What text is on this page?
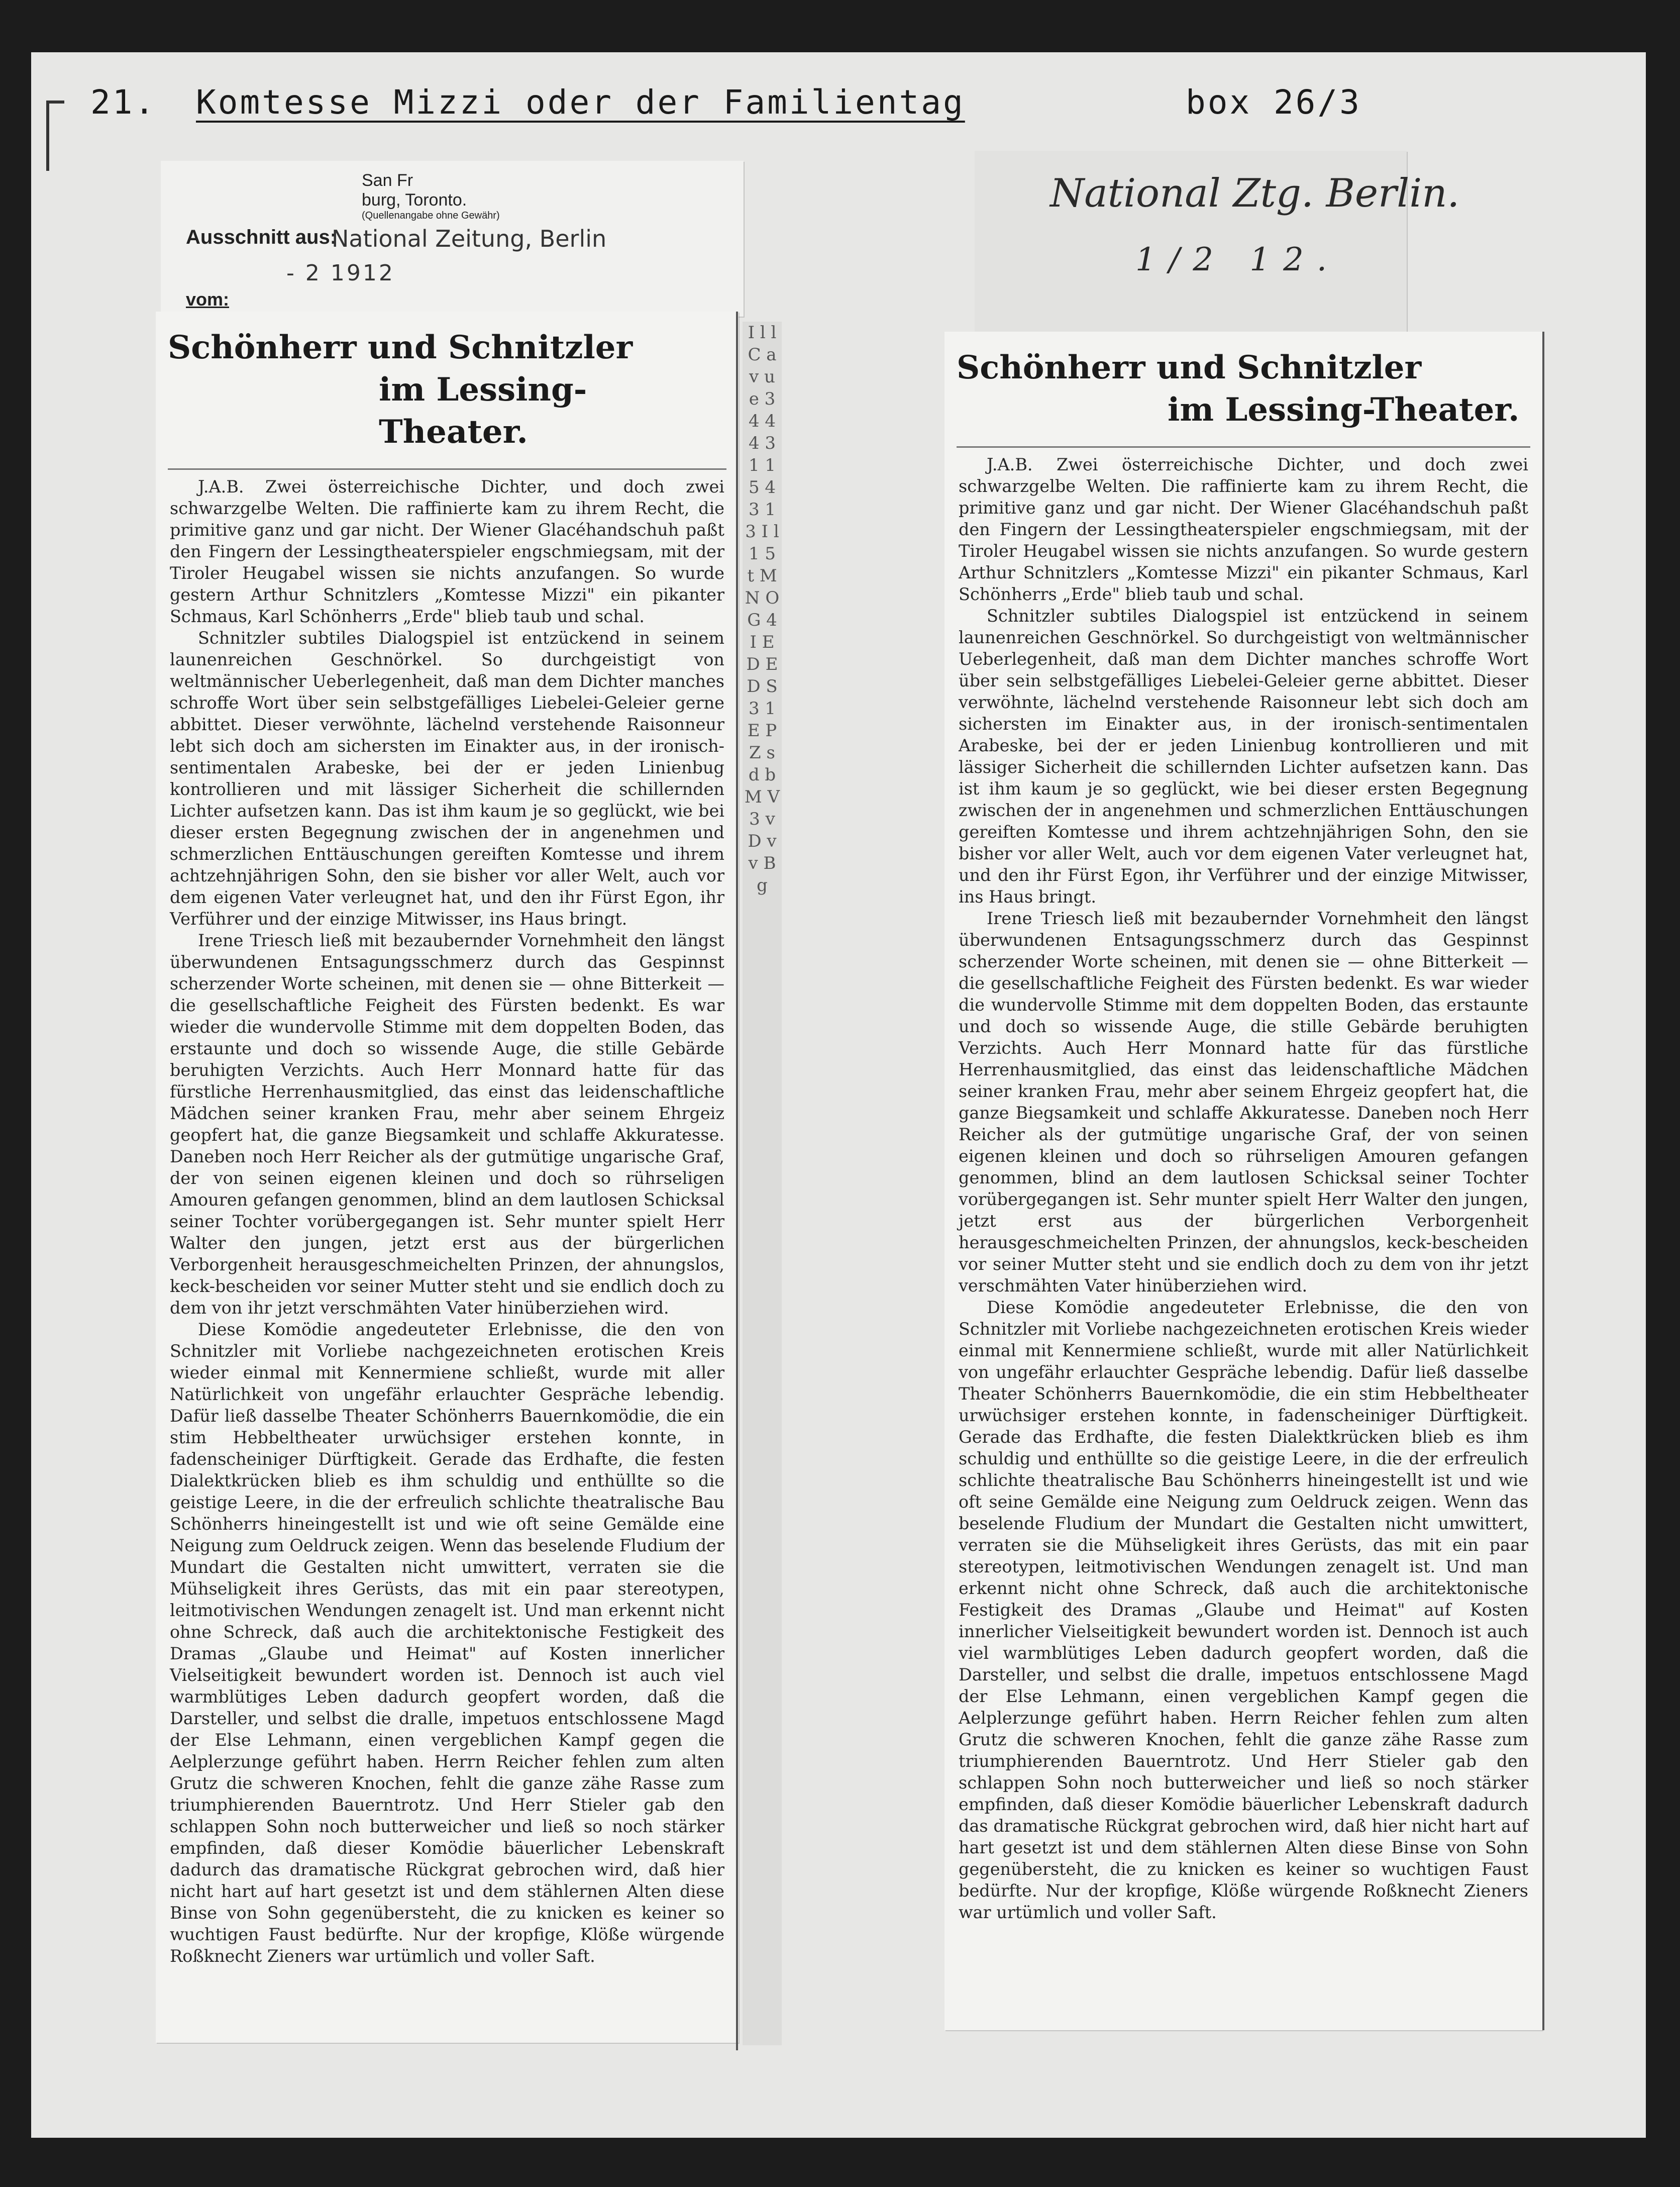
21. Komtesse Mizzi oder der Familientag	box 26/3
San Fr
burg, Toronto.
(Quellenangabe ohne Gewähr)
Ausschnitt aus:
National Zeitung, Berlin
- 2 1912
vom:
National Ztg. Berlin.
1/2 12.
Schönherr und Schnitzler
im Lessing-Theater.

J.A.B. Zwei österreichische Dichter, und doch zwei schwarzgelbe Welten. Die raffinierte kam zu ihrem Recht, die primitive ganz und gar nicht. Der Wiener Glacéhandschuh paßt den Fingern der Lessingtheaterspieler engschmiegsam, mit der Tiroler Heugabel wissen sie nichts anzufangen. So wurde gestern Arthur Schnitzlers „Komtesse Mizzi" ein pikanter Schmaus, Karl Schönherrs „Erde" blieb taub und schal.

Schnitzler subtiles Dialogspiel ist entzückend in seinem launenreichen Geschnörkel. So durchgeistigt von weltmännischer Ueberlegenheit, daß man dem Dichter manches schroffe Wort über sein selbstgefälliges Liebelei-Geleier gerne abbittet. Dieser verwöhnte, lächelnd verstehende Raisonneur lebt sich doch am sichersten im Einakter aus, in der ironisch-sentimentalen Arabeske, bei der er jeden Linienbug kontrollieren und mit lässiger Sicherheit die schillernden Lichter aufsetzen kann. Das ist ihm kaum je so geglückt, wie bei dieser ersten Begegnung zwischen der in angenehmen und schmerzlichen Enttäuschungen gereiften Komtesse und ihrem achtzehnjährigen Sohn, den sie bisher vor aller Welt, auch vor dem eigenen Vater verleugnet hat, und den ihr Fürst Egon, ihr Verführer und der einzige Mitwisser, ins Haus bringt.

Irene Triesch ließ mit bezaubernder Vornehmheit den längst überwundenen Entsagungsschmerz durch das Gespinnst scherzender Worte scheinen, mit denen sie — ohne Bitterkeit — die gesellschaftliche Feigheit des Fürsten bedenkt. Es war wieder die wundervolle Stimme mit dem doppelten Boden, das erstaunte und doch so wissende Auge, die stille Gebärde beruhigten Verzichts. Auch Herr Monnard hatte für das fürstliche Herrenhausmitglied, das einst das leidenschaftliche Mädchen seiner kranken Frau, mehr aber seinem Ehrgeiz geopfert hat, die ganze Biegsamkeit und schlaffe Akkuratesse. Daneben noch Herr Reicher als der gutmütige ungarische Graf, der von seinen eigenen kleinen und doch so rührseligen Amouren gefangen genommen, blind an dem lautlosen Schicksal seiner Tochter vorübergegangen ist. Sehr munter spielt Herr Walter den jungen, jetzt erst aus der bürgerlichen Verborgenheit herausgeschmeichelten Prinzen, der ahnungslos, keck-bescheiden vor seiner Mutter steht und sie endlich doch zu dem von ihr jetzt verschmähten Vater hinüberziehen wird.

Diese Komödie angedeuteter Erlebnisse, die den von Schnitzler mit Vorliebe nachgezeichneten erotischen Kreis wieder einmal mit Kennermiene schließt, wurde mit aller Natürlichkeit von ungefähr erlauchter Gespräche lebendig. Dafür ließ dasselbe Theater Schönherrs Bauernkomödie, die ein stim Hebbeltheater urwüchsiger erstehen konnte, in fadenscheiniger Dürftigkeit. Gerade das Erdhafte, die festen Dialektkrücken blieb es ihm schuldig und enthüllte so die geistige Leere, in die der erfreulich schlichte theatralische Bau Schönherrs hineingestellt ist und wie oft seine Gemälde eine Neigung zum Oeldruck zeigen. Wenn das beselende Fludium der Mundart die Gestalten nicht umwittert, verraten sie die Mühseligkeit ihres Gerüsts, das mit ein paar stereotypen, leitmotivischen Wendungen zenagelt ist. Und man erkennt nicht ohne Schreck, daß auch die architektonische Festigkeit des Dramas „Glaube und Heimat" auf Kosten innerlicher Vielseitigkeit bewundert worden ist. Dennoch ist auch viel warmblütiges Leben dadurch geopfert worden, daß die Darsteller, und selbst die dralle, impetuos entschlossene Magd der Else Lehmann, einen vergeblichen Kampf gegen die Aelplerzunge geführt haben. Herrn Reicher fehlen zum alten Grutz die schweren Knochen, fehlt die ganze zähe Rasse zum triumphierenden Bauerntrotz. Und Herr Stieler gab den schlappen Sohn noch butterweicher und ließ so noch stärker empfinden, daß dieser Komödie bäuerlicher Lebenskraft dadurch das dramatische Rückgrat gebrochen wird, daß hier nicht hart auf hart gesetzt ist und dem stählernen Alten diese Binse von Sohn gegenübersteht, die zu knicken es keiner so wuchtigen Faust bedürfte. Nur der kropfige, Klöße würgende Roßknecht Zieners war urtümlich und voller Saft.

I l l C a v u e 3 4 4 4 3 1 1 5 4 3 1 3 I l 1 5 t M N O G 4 I E D E D S 3 1 E P Z s d b M V 3 v D v v B g
Schönherr und Schnitzler
im Lessing-Theater.

J.A.B. Zwei österreichische Dichter, und doch zwei schwarzgelbe Welten. Die raffinierte kam zu ihrem Recht, die primitive ganz und gar nicht. Der Wiener Glacéhandschuh paßt den Fingern der Lessingtheaterspieler engschmiegsam, mit der Tiroler Heugabel wissen sie nichts anzufangen. So wurde gestern Arthur Schnitzlers „Komtesse Mizzi" ein pikanter Schmaus, Karl Schönherrs „Erde" blieb taub und schal.

Schnitzler subtiles Dialogspiel ist entzückend in seinem launenreichen Geschnörkel. So durchgeistigt von weltmännischer Ueberlegenheit, daß man dem Dichter manches schroffe Wort über sein selbstgefälliges Liebelei-Geleier gerne abbittet. Dieser verwöhnte, lächelnd verstehende Raisonneur lebt sich doch am sichersten im Einakter aus, in der ironisch-sentimentalen Arabeske, bei der er jeden Linienbug kontrollieren und mit lässiger Sicherheit die schillernden Lichter aufsetzen kann. Das ist ihm kaum je so geglückt, wie bei dieser ersten Begegnung zwischen der in angenehmen und schmerzlichen Enttäuschungen gereiften Komtesse und ihrem achtzehnjährigen Sohn, den sie bisher vor aller Welt, auch vor dem eigenen Vater verleugnet hat, und den ihr Fürst Egon, ihr Verführer und der einzige Mitwisser, ins Haus bringt.

Irene Triesch ließ mit bezaubernder Vornehmheit den längst überwundenen Entsagungsschmerz durch das Gespinnst scherzender Worte scheinen, mit denen sie — ohne Bitterkeit — die gesellschaftliche Feigheit des Fürsten bedenkt. Es war wieder die wundervolle Stimme mit dem doppelten Boden, das erstaunte und doch so wissende Auge, die stille Gebärde beruhigten Verzichts. Auch Herr Monnard hatte für das fürstliche Herrenhausmitglied, das einst das leidenschaftliche Mädchen seiner kranken Frau, mehr aber seinem Ehrgeiz geopfert hat, die ganze Biegsamkeit und schlaffe Akkuratesse. Daneben noch Herr Reicher als der gutmütige ungarische Graf, der von seinen eigenen kleinen und doch so rührseligen Amouren gefangen genommen, blind an dem lautlosen Schicksal seiner Tochter vorübergegangen ist. Sehr munter spielt Herr Walter den jungen, jetzt erst aus der bürgerlichen Verborgenheit herausgeschmeichelten Prinzen, der ahnungslos, keck-bescheiden vor seiner Mutter steht und sie endlich doch zu dem von ihr jetzt verschmähten Vater hinüberziehen wird.

Diese Komödie angedeuteter Erlebnisse, die den von Schnitzler mit Vorliebe nachgezeichneten erotischen Kreis wieder einmal mit Kennermiene schließt, wurde mit aller Natürlichkeit von ungefähr erlauchter Gespräche lebendig. Dafür ließ dasselbe Theater Schönherrs Bauernkomödie, die ein stim Hebbeltheater urwüchsiger erstehen konnte, in fadenscheiniger Dürftigkeit. Gerade das Erdhafte, die festen Dialektkrücken blieb es ihm schuldig und enthüllte so die geistige Leere, in die der erfreulich schlichte theatralische Bau Schönherrs hineingestellt ist und wie oft seine Gemälde eine Neigung zum Oeldruck zeigen. Wenn das beselende Fludium der Mundart die Gestalten nicht umwittert, verraten sie die Mühseligkeit ihres Gerüsts, das mit ein paar stereotypen, leitmotivischen Wendungen zenagelt ist. Und man erkennt nicht ohne Schreck, daß auch die architektonische Festigkeit des Dramas „Glaube und Heimat" auf Kosten innerlicher Vielseitigkeit bewundert worden ist. Dennoch ist auch viel warmblütiges Leben dadurch geopfert worden, daß die Darsteller, und selbst die dralle, impetuos entschlossene Magd der Else Lehmann, einen vergeblichen Kampf gegen die Aelplerzunge geführt haben. Herrn Reicher fehlen zum alten Grutz die schweren Knochen, fehlt die ganze zähe Rasse zum triumphierenden Bauerntrotz. Und Herr Stieler gab den schlappen Sohn noch butterweicher und ließ so noch stärker empfinden, daß dieser Komödie bäuerlicher Lebenskraft dadurch das dramatische Rückgrat gebrochen wird, daß hier nicht hart auf hart gesetzt ist und dem stählernen Alten diese Binse von Sohn gegenübersteht, die zu knicken es keiner so wuchtigen Faust bedürfte. Nur der kropfige, Klöße würgende Roßknecht Zieners war urtümlich und voller Saft.
